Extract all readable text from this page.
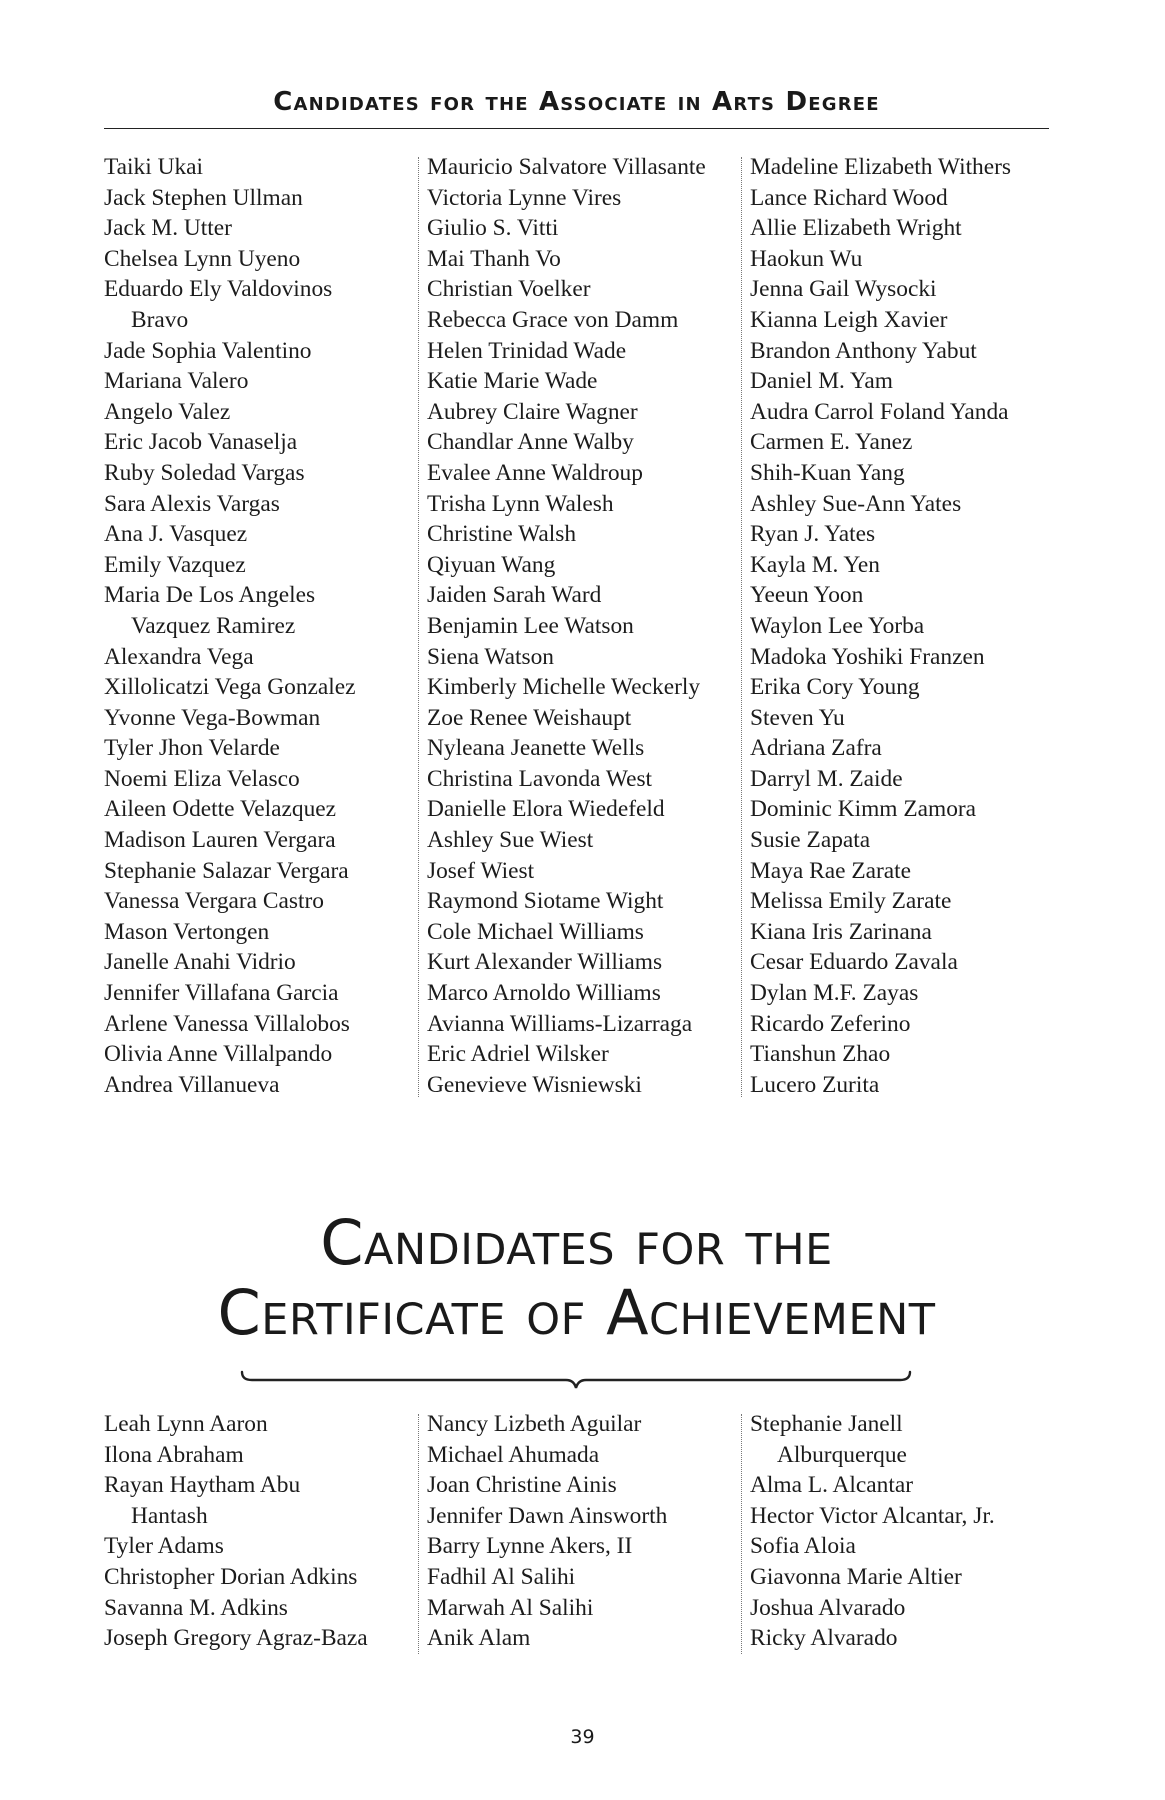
Candidates for the Associate in Arts Degree
Taiki Ukai
Jack Stephen Ullman
Jack M. Utter
Chelsea Lynn Uyeno
Eduardo Ely Valdovinos
Bravo
Jade Sophia Valentino
Mariana Valero
Angelo Valez
Eric Jacob Vanaselja
Ruby Soledad Vargas
Sara Alexis Vargas
Ana J. Vasquez
Emily Vazquez
Maria De Los Angeles
Vazquez Ramirez
Alexandra Vega
Xillolicatzi Vega Gonzalez
Yvonne Vega-Bowman
Tyler Jhon Velarde
Noemi Eliza Velasco
Aileen Odette Velazquez
Madison Lauren Vergara
Stephanie Salazar Vergara
Vanessa Vergara Castro
Mason Vertongen
Janelle Anahi Vidrio
Jennifer Villafana Garcia
Arlene Vanessa Villalobos
Olivia Anne Villalpando
Andrea Villanueva
Mauricio Salvatore Villasante
Victoria Lynne Vires
Giulio S. Vitti
Mai Thanh Vo
Christian Voelker
Rebecca Grace von Damm
Helen Trinidad Wade
Katie Marie Wade
Aubrey Claire Wagner
Chandlar Anne Walby
Evalee Anne Waldroup
Trisha Lynn Walesh
Christine Walsh
Qiyuan Wang
Jaiden Sarah Ward
Benjamin Lee Watson
Siena Watson
Kimberly Michelle Weckerly
Zoe Renee Weishaupt
Nyleana Jeanette Wells
Christina Lavonda West
Danielle Elora Wiedefeld
Ashley Sue Wiest
Josef Wiest
Raymond Siotame Wight
Cole Michael Williams
Kurt Alexander Williams
Marco Arnoldo Williams
Avianna Williams-Lizarraga
Eric Adriel Wilsker
Genevieve Wisniewski
Madeline Elizabeth Withers
Lance Richard Wood
Allie Elizabeth Wright
Haokun Wu
Jenna Gail Wysocki
Kianna Leigh Xavier
Brandon Anthony Yabut
Daniel M. Yam
Audra Carrol Foland Yanda
Carmen E. Yanez
Shih-Kuan Yang
Ashley Sue-Ann Yates
Ryan J. Yates
Kayla M. Yen
Yeeun Yoon
Waylon Lee Yorba
Madoka Yoshiki Franzen
Erika Cory Young
Steven Yu
Adriana Zafra
Darryl M. Zaide
Dominic Kimm Zamora
Susie Zapata
Maya Rae Zarate
Melissa Emily Zarate
Kiana Iris Zarinana
Cesar Eduardo Zavala
Dylan M.F. Zayas
Ricardo Zeferino
Tianshun Zhao
Lucero Zurita
Candidates for the
Certificate of Achievement
Leah Lynn Aaron
Ilona Abraham
Rayan Haytham Abu
Hantash
Tyler Adams
Christopher Dorian Adkins
Savanna M. Adkins
Joseph Gregory Agraz-Baza
Nancy Lizbeth Aguilar
Michael Ahumada
Joan Christine Ainis
Jennifer Dawn Ainsworth
Barry Lynne Akers, II
Fadhil Al Salihi
Marwah Al Salihi
Anik Alam
Stephanie Janell
Alburquerque
Alma L. Alcantar
Hector Victor Alcantar, Jr.
Sofia Aloia
Giavonna Marie Altier
Joshua Alvarado
Ricky Alvarado
39
